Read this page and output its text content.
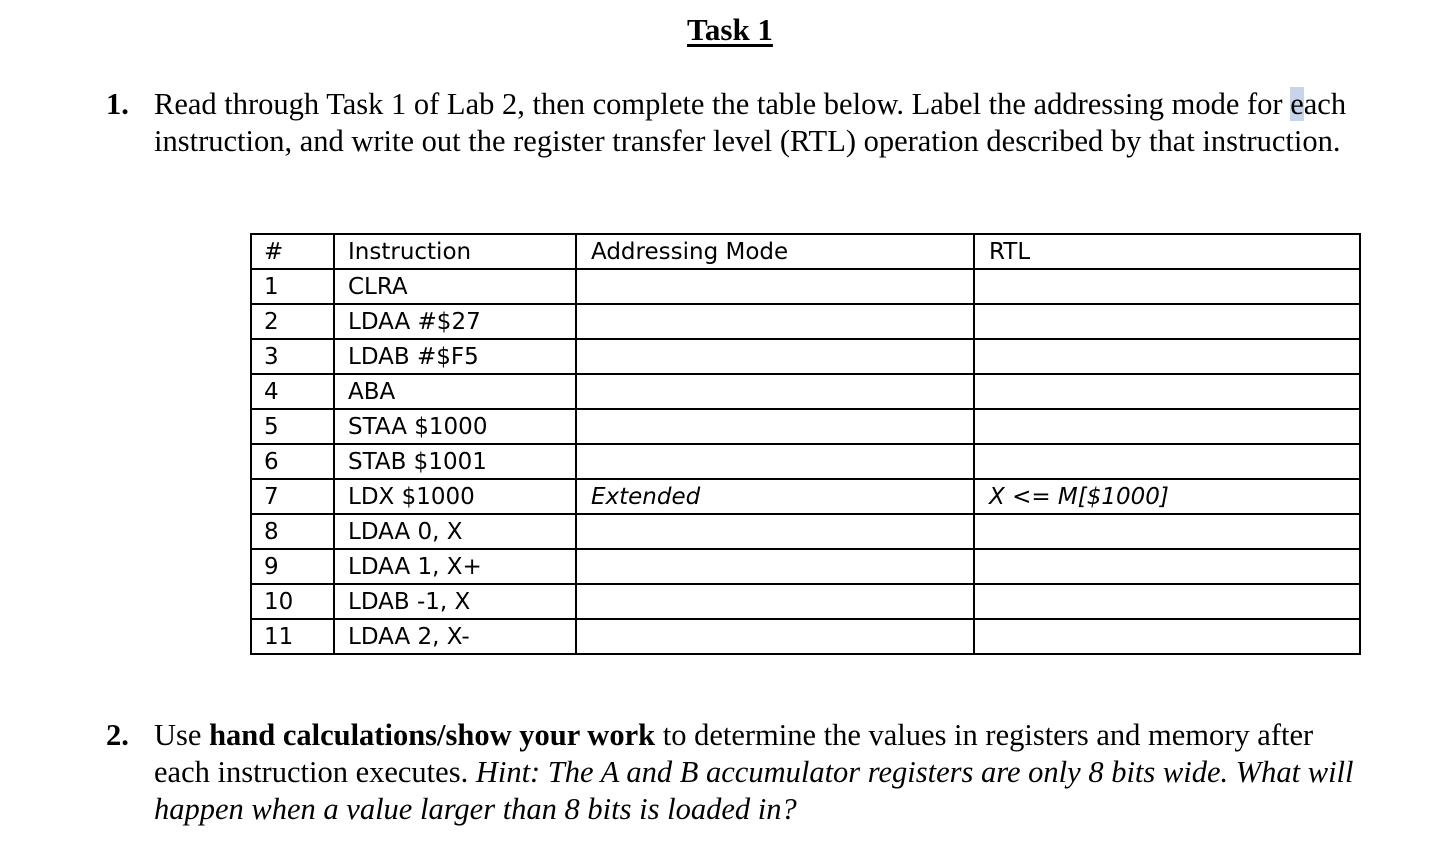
Task 1
1. Read through Task 1 of Lab 2, then complete the table below. Label the addressing mode for each instruction, and write out the register transfer level (RTL) operation described by that instruction.
#	Instruction	Addressing Mode	RTL
1	CLRA		
2	LDAA #$27		
3	LDAB #$F5		
4	ABA		
5	STAA $1000		
6	STAB $1001		
7	LDX $1000	Extended	X <= M[$1000]
8	LDAA 0, X		
9	LDAA 1, X+		
10	LDAB -1, X		
11	LDAA 2, X-		
2. Use hand calculations/show your work to determine the values in registers and memory after each instruction executes. Hint: The A and B accumulator registers are only 8 bits wide. What will happen when a value larger than 8 bits is loaded in?
